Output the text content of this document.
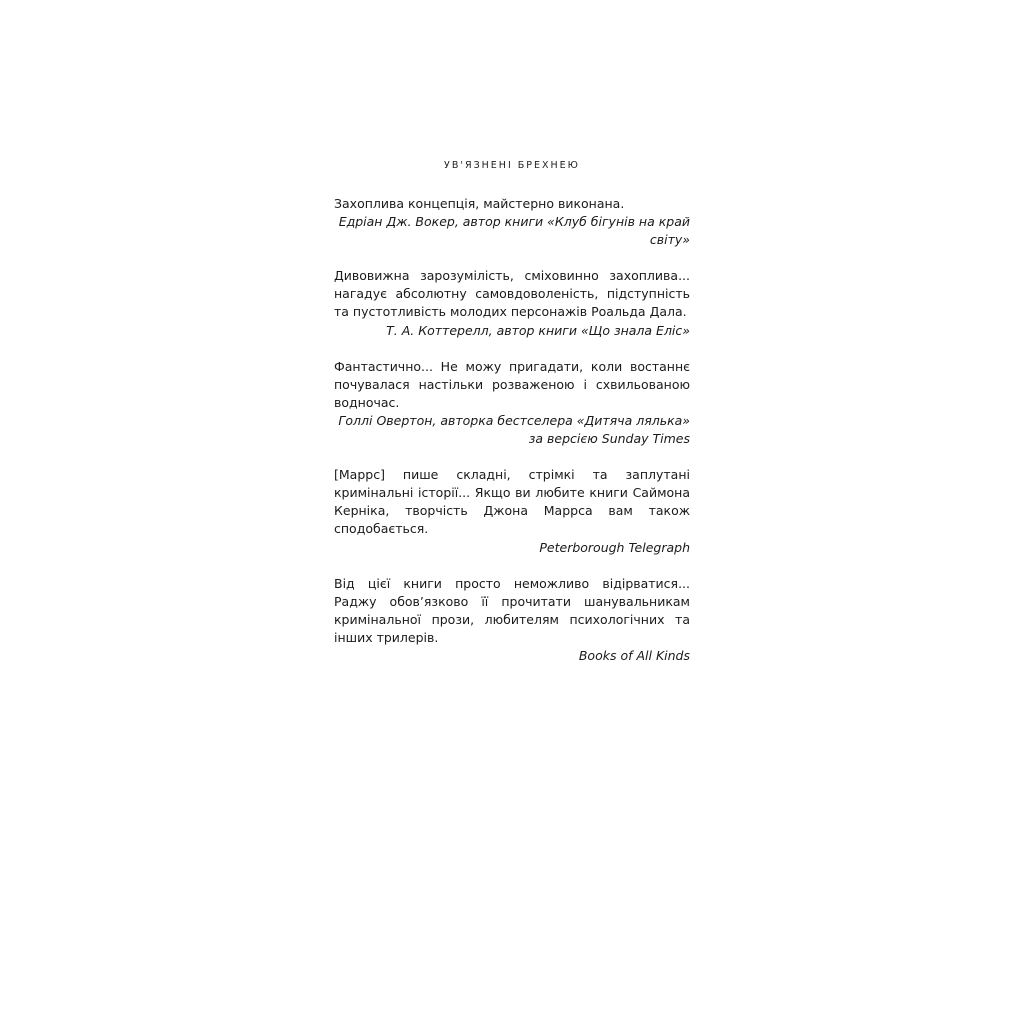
УВ'ЯЗНЕНІ БРЕХНЕЮ

Захоплива концепція, майстерно виконана.

Едріан Дж. Вокер, автор книги «Клуб бігунів на край світу»

Дивовижна зарозумілість, сміховинно захоплива... нагадує абсолютну самовдоволеність, підступність та пустотливість молодих персонажів Роальда Дала.

Т. А. Коттерелл, автор книги «Що знала Еліс»

Фантастично... Не можу пригадати, коли востаннє почувалася настільки розваженою і схвильованою водночас.

Голлі Овертон, авторка бестселера «Дитяча лялька»

за версією Sunday Times

[Маррс] пише складні, стрімкі та заплутані кримінальні історії... Якщо ви любите книги Саймона Керніка, творчість Джона Маррса вам також сподобається.

Peterborough Telegraph

Від цієї книги просто неможливо відірватися... Раджу обов’язково її прочитати шанувальникам кримінальної прози, любителям психологічних та інших трилерів.

Books of All Kinds
